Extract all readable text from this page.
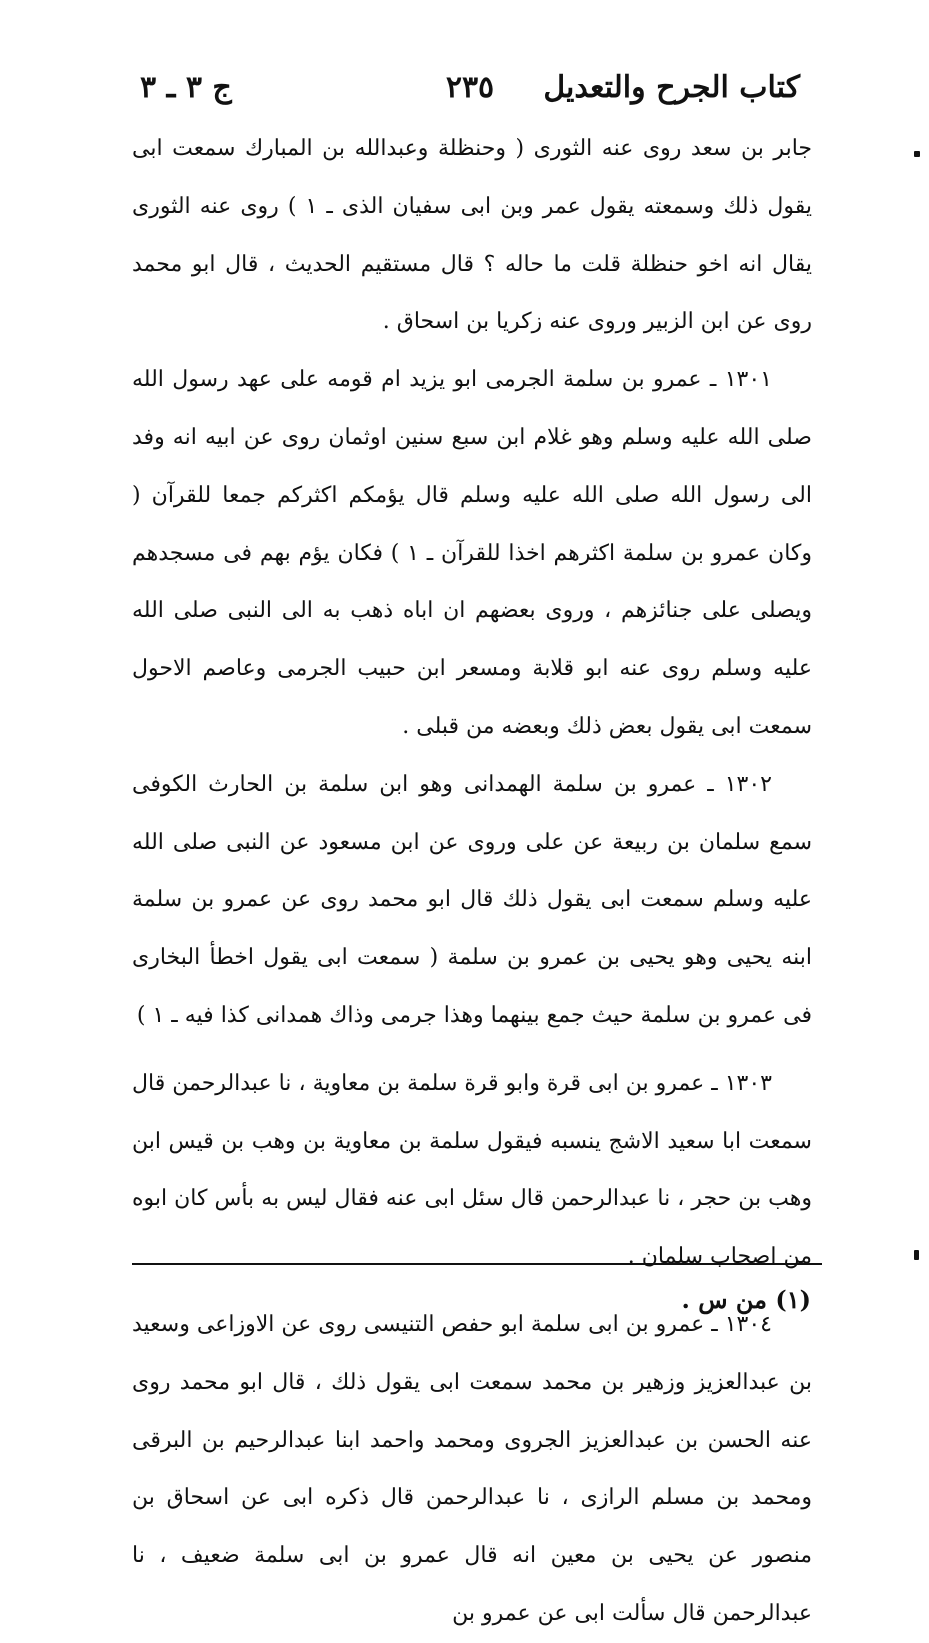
كتاب الجرح والتعديل
٢٣٥
ج ٣ ـ ٣

جابر بن سعد روى عنه الثورى ( وحنظلة وعبدالله بن المبارك سمعت ابى يقول ذلك وسمعته يقول عمر وبن ابى سفيان الذى ـ ١ ) روى عنه الثورى يقال انه اخو حنظلة قلت ما حاله ؟ قال مستقيم الحديث ، قال ابو محمد روى عن ابن الزبير وروى عنه زكريا بن اسحاق .

١٣٠١ ـ عمرو بن سلمة الجرمى ابو يزيد ام قومه على عهد رسول الله صلى الله عليه وسلم وهو غلام ابن سبع سنين اوثمان روى عن ابيه انه وفد الى رسول الله صلى الله عليه وسلم قال يؤمكم اكثركم جمعا للقرآن ( وكان عمرو بن سلمة اكثرهم اخذا للقرآن ـ ١ ) فكان يؤم بهم فى مسجدهم ويصلى على جنائزهم ، وروى بعضهم ان اباه ذهب به الى النبى صلى الله عليه وسلم روى عنه ابو قلابة ومسعر ابن حبيب الجرمى وعاصم الاحول سمعت ابى يقول بعض ذلك وبعضه من قبلى .

١٣٠٢ ـ عمرو بن سلمة الهمدانى وهو ابن سلمة بن الحارث الكوفى سمع سلمان بن ربيعة عن على وروى عن ابن مسعود عن النبى صلى الله عليه وسلم سمعت ابى يقول ذلك قال ابو محمد روى عن عمرو بن سلمة ابنه يحيى وهو يحيى بن عمرو بن سلمة ( سمعت ابى يقول اخطأ البخارى فى عمرو بن سلمة حيث جمع بينهما وهذا جرمى وذاك همدانى كذا فيه ـ ١ )

١٣٠٣ ـ عمرو بن ابى قرة وابو قرة سلمة بن معاوية ، نا عبدالرحمن قال سمعت ابا سعيد الاشج ينسبه فيقول سلمة بن معاوية بن وهب بن قيس ابن وهب بن حجر ، نا عبدالرحمن قال سئل ابى عنه فقال ليس به بأس كان ابوه من اصحاب سلمان .

١٣٠٤ ـ عمرو بن ابى سلمة ابو حفص التنيسى روى عن الاوزاعى وسعيد بن عبدالعزيز وزهير بن محمد سمعت ابى يقول ذلك ، قال ابو محمد روى عنه الحسن بن عبدالعزيز الجروى ومحمد واحمد ابنا عبدالرحيم بن البرقى ومحمد بن مسلم الرازى ، نا عبدالرحمن قال ذكره ابى عن اسحاق بن منصور عن يحيى بن معين انه قال عمرو بن ابى سلمة ضعيف ، نا عبدالرحمن قال سألت ابى عن عمرو بن

(١) من س .
